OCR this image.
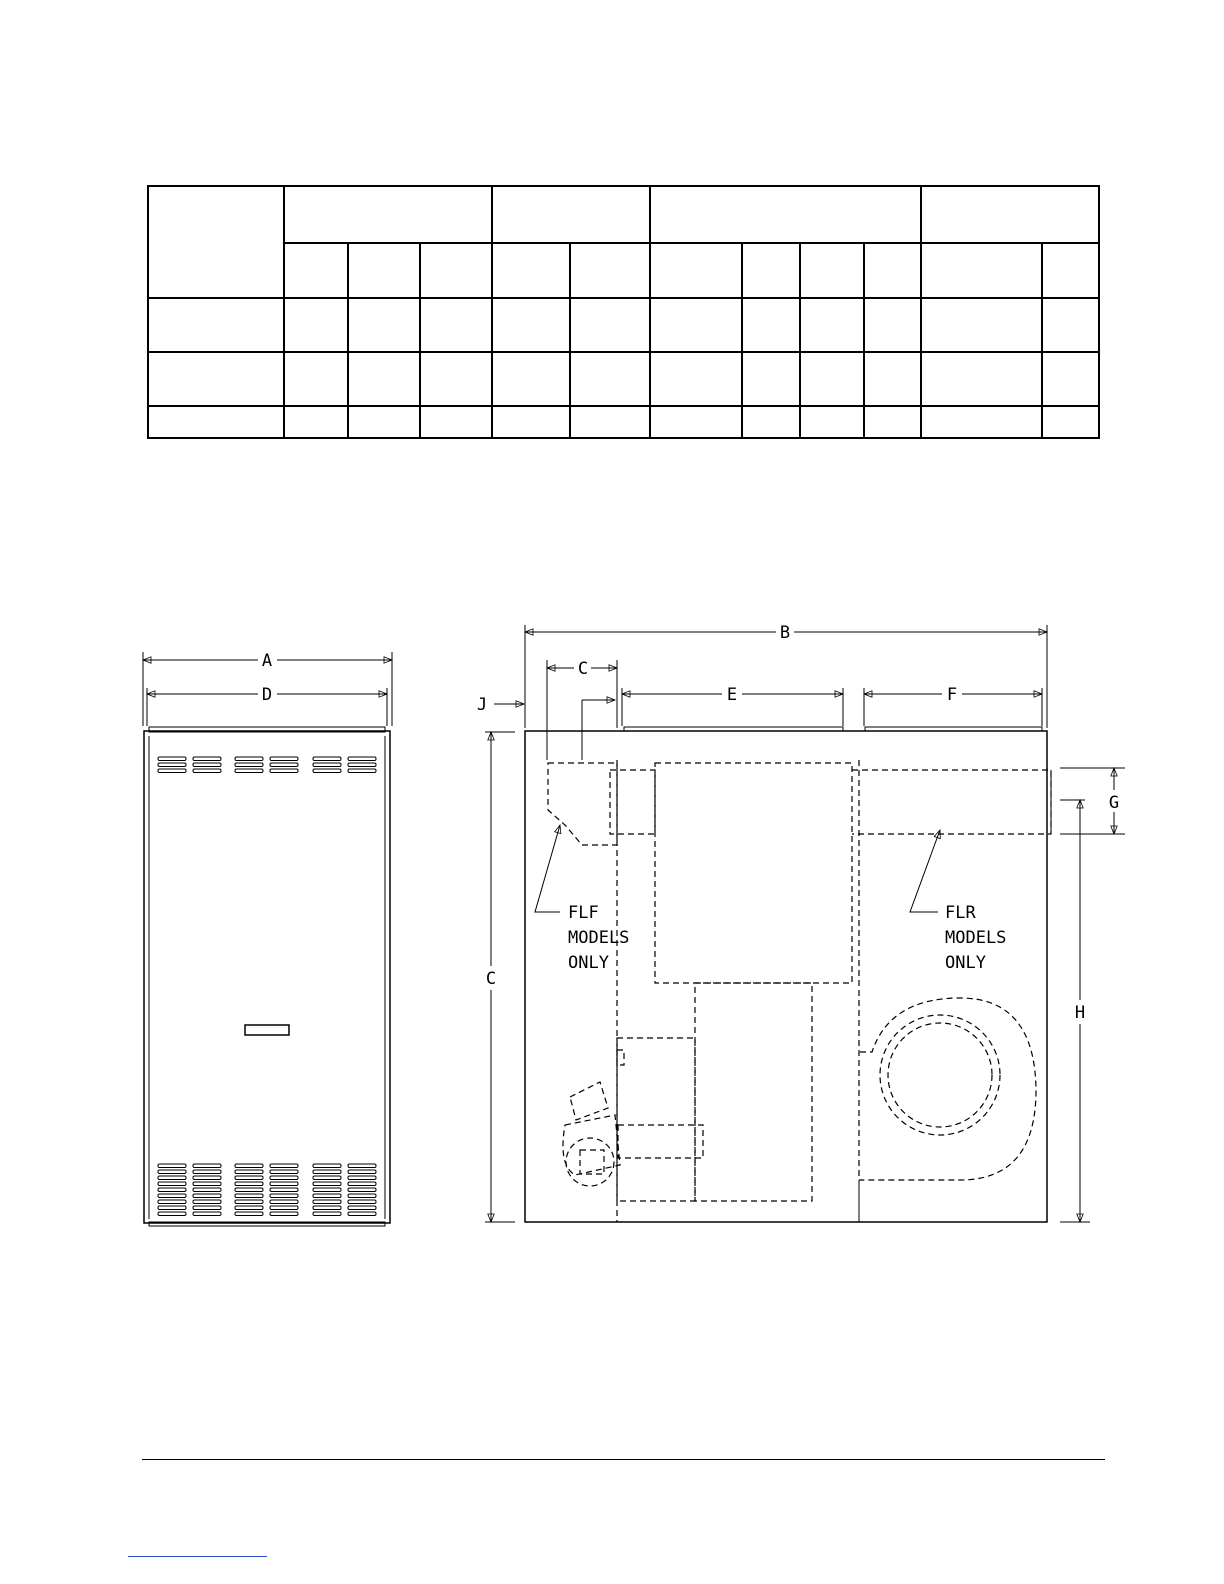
A
D
B
C
J	E	F
C
G
H
FLF
MODELS
ONLY
FLR
MODELS
ONLY
